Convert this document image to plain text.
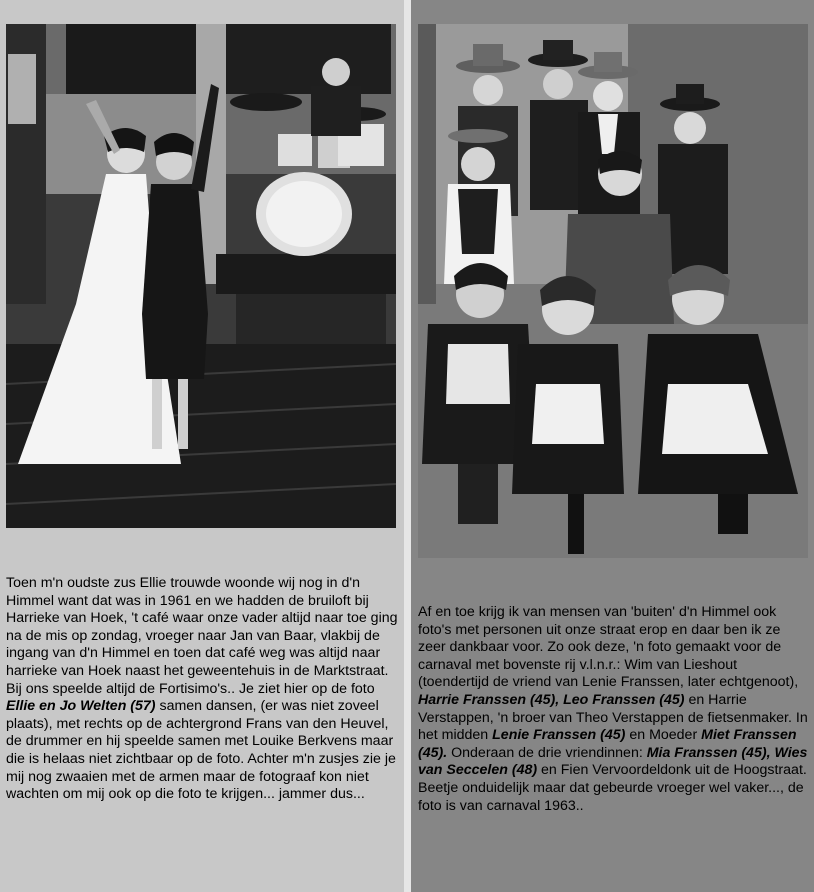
Toen m'n oudste zus Ellie trouwde woonde wij nog in d'n Himmel want dat was in 1961 en we hadden de bruiloft bij Harrieke van Hoek, 't café waar onze vader altijd naar toe ging na de mis op zondag, vroeger naar Jan van Baar, vlakbij de ingang van d'n Himmel en toen dat café weg was altijd naar harrieke van Hoek naast het geweentehuis in de Marktstraat. Bij ons speelde altijd de Fortisimo's.. Je ziet hier op de foto Ellie en Jo Welten (57) samen dansen, (er was niet zoveel plaats), met rechts op de achtergrond Frans van den Heuvel, de drummer en hij speelde samen met Louike Berkvens maar die is helaas niet zichtbaar op de foto. Achter m'n zusjes zie je mij nog zwaaien met de armen maar de fotograaf kon niet wachten om mij ook op die foto te krijgen... jammer dus...

Af en toe krijg ik van mensen van 'buiten' d'n Himmel ook foto's met personen uit onze straat erop en daar ben ik ze zeer dankbaar voor. Zo ook deze, 'n foto gemaakt voor de carnaval met bovenste rij v.l.n.r.: Wim van Lieshout (toendertijd de vriend van Lenie Franssen, later echtgenoot), Harrie Franssen (45), Leo Franssen (45) en Harrie Verstappen, 'n broer van Theo Verstappen de fietsenmaker. In het midden Lenie Franssen (45) en Moeder Miet Franssen (45). Onderaan de drie vriendinnen: Mia Franssen (45), Wies van Seccelen (48) en Fien Vervoordeldonk uit de Hoogstraat. Beetje onduidelijk maar dat gebeurde vroeger wel vaker..., de foto is van carnaval 1963..
